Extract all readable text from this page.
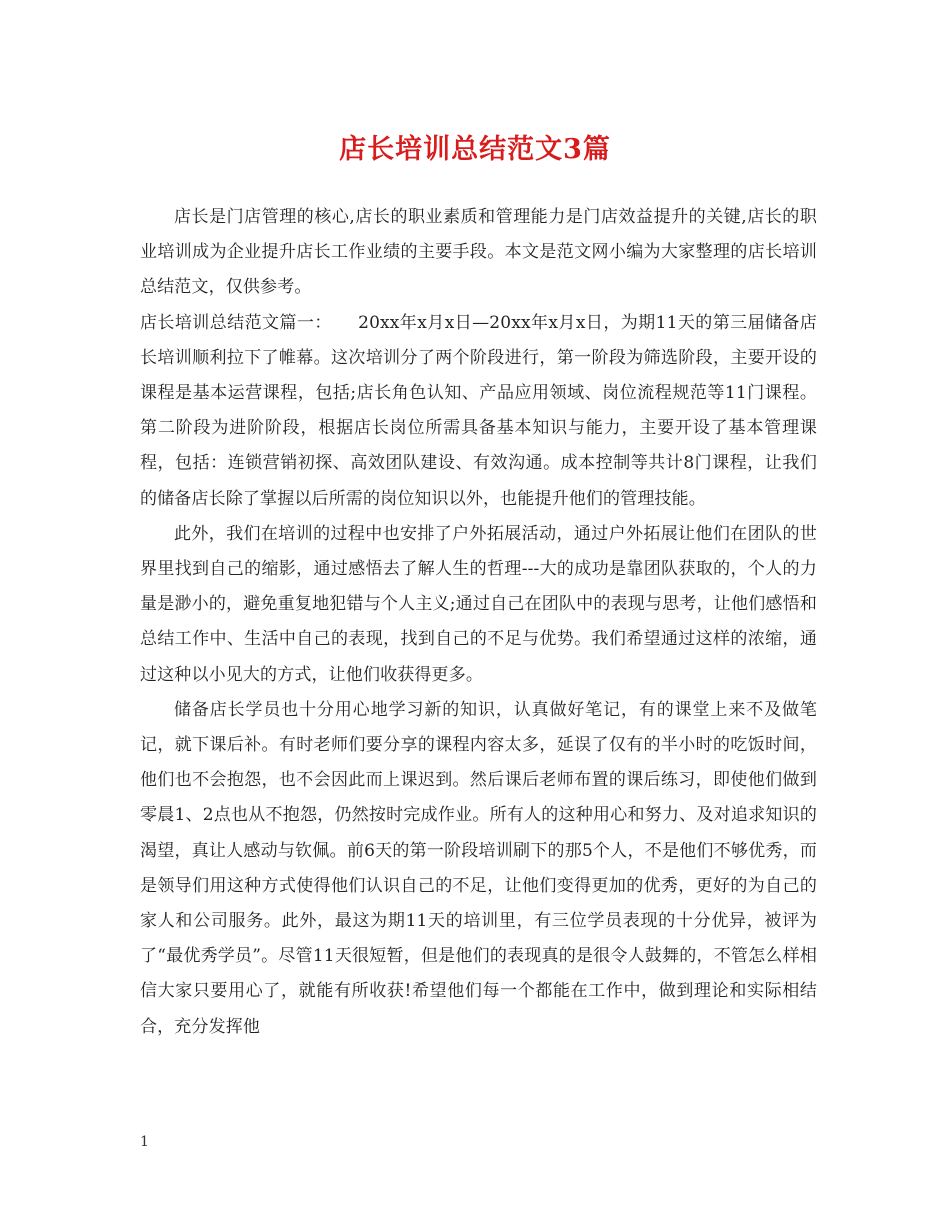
店长培训总结范文3篇

店长是门店管理的核心,店长的职业素质和管理能力是门店效益提升的关键,店长的职业培训成为企业提升店长工作业绩的主要手段。本文是范文网小编为大家整理的店长培训总结范文，仅供参考。

店长培训总结范文篇一：　　20xx年x月x日—20xx年x月x日，为期11天的第三届储备店长培训顺利拉下了帷幕。这次培训分了两个阶段进行，第一阶段为筛选阶段，主要开设的课程是基本运营课程，包括;店长角色认知、产品应用领域、岗位流程规范等11门课程。第二阶段为进阶阶段，根据店长岗位所需具备基本知识与能力，主要开设了基本管理课程，包括：连锁营销初探、高效团队建设、有效沟通。成本控制等共计8门课程，让我们的储备店长除了掌握以后所需的岗位知识以外，也能提升他们的管理技能。

此外，我们在培训的过程中也安排了户外拓展活动，通过户外拓展让他们在团队的世界里找到自己的缩影，通过感悟去了解人生的哲理---大的成功是靠团队获取的，个人的力量是渺小的，避免重复地犯错与个人主义;通过自己在团队中的表现与思考，让他们感悟和总结工作中、生活中自己的表现，找到自己的不足与优势。我们希望通过这样的浓缩，通过这种以小见大的方式，让他们收获得更多。

储备店长学员也十分用心地学习新的知识，认真做好笔记，有的课堂上来不及做笔记，就下课后补。有时老师们要分享的课程内容太多，延误了仅有的半小时的吃饭时间，他们也不会抱怨，也不会因此而上课迟到。然后课后老师布置的课后练习，即使他们做到零晨1、2点也从不抱怨，仍然按时完成作业。所有人的这种用心和努力、及对追求知识的渴望，真让人感动与钦佩。前6天的第一阶段培训刷下的那5个人，不是他们不够优秀，而是领导们用这种方式使得他们认识自己的不足，让他们变得更加的优秀，更好的为自己的家人和公司服务。此外，最这为期11天的培训里，有三位学员表现的十分优异，被评为了“最优秀学员”。尽管11天很短暂，但是他们的表现真的是很令人鼓舞的，不管怎么样相信大家只要用心了，就能有所收获!希望他们每一个都能在工作中，做到理论和实际相结合，充分发挥他

1
